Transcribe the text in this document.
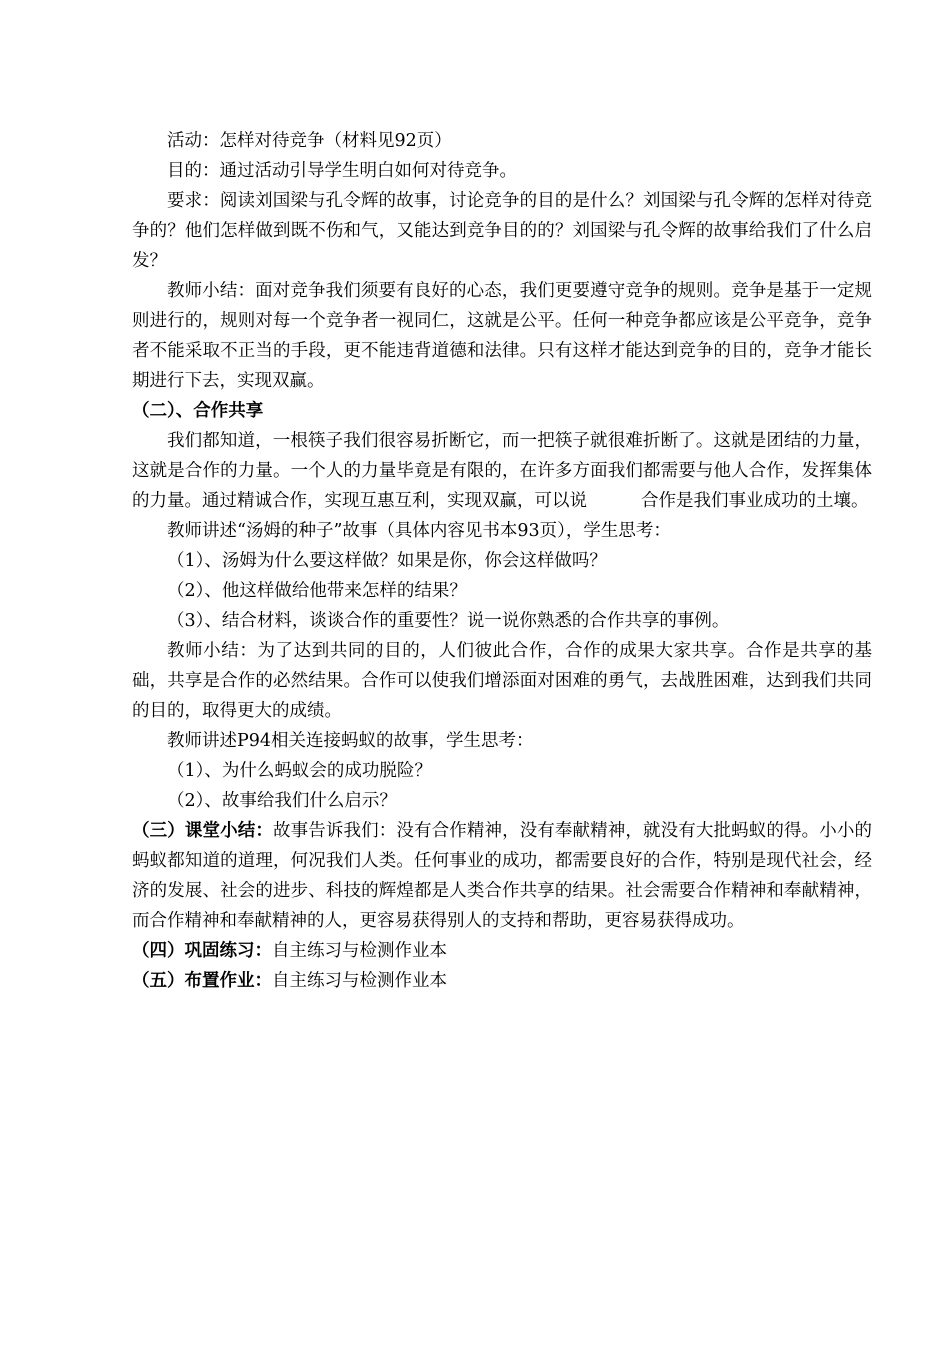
活动：怎样对待竞争（材料见92页）

目的：通过活动引导学生明白如何对待竞争。

要求：阅读刘国梁与孔令辉的故事，讨论竞争的目的是什么？刘国梁与孔令辉的怎样对待竞争的？他们怎样做到既不伤和气，又能达到竞争目的的？刘国梁与孔令辉的故事给我们了什么启发？

教师小结：面对竞争我们须要有良好的心态，我们更要遵守竞争的规则。竞争是基于一定规则进行的，规则对每一个竞争者一视同仁，这就是公平。任何一种竞争都应该是公平竞争，竞争者不能采取不正当的手段，更不能违背道德和法律。只有这样才能达到竞争的目的，竞争才能长期进行下去，实现双赢。

（二）、合作共享

我们都知道，一根筷子我们很容易折断它，而一把筷子就很难折断了。这就是团结的力量，这就是合作的力量。一个人的力量毕竟是有限的，在许多方面我们都需要与他人合作，发挥集体的力量。通过精诚合作，实现互惠互利，实现双赢，可以说	合作是我们事业成功的土壤。

教师讲述“汤姆的种子”故事（具体内容见书本93页），学生思考：

（1）、汤姆为什么要这样做？如果是你，你会这样做吗？

（2）、他这样做给他带来怎样的结果？

（3）、结合材料，谈谈合作的重要性？说一说你熟悉的合作共享的事例。

教师小结：为了达到共同的目的，人们彼此合作，合作的成果大家共享。合作是共享的基础，共享是合作的必然结果。合作可以使我们增添面对困难的勇气，去战胜困难，达到我们共同的目的，取得更大的成绩。

教师讲述P94相关连接蚂蚁的故事，学生思考：

（1）、为什么蚂蚁会的成功脱险？

（2）、故事给我们什么启示？

（三）课堂小结：故事告诉我们：没有合作精神，没有奉献精神，就没有大批蚂蚁的得。小小的蚂蚁都知道的道理，何况我们人类。任何事业的成功，都需要良好的合作，特别是现代社会，经济的发展、社会的进步、科技的辉煌都是人类合作共享的结果。社会需要合作精神和奉献精神，而合作精神和奉献精神的人，更容易获得别人的支持和帮助，更容易获得成功。

（四）巩固练习：自主练习与检测作业本

（五）布置作业：自主练习与检测作业本
